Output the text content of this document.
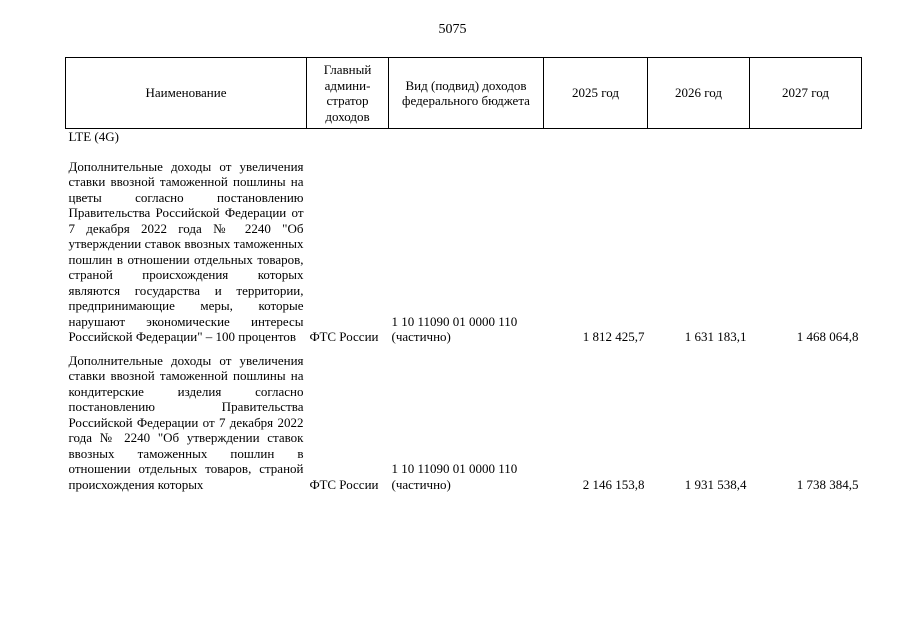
5075
Наименование	Главный админи-стратор доходов	Вид (подвид) доходов федерального бюджета	2025 год	2026 год	2027 год
LTE (4G)					
Дополнительные доходы от увеличения ставки ввозной таможенной пошлины на цветы согласно постановлению Правительства Российской Федерации от 7 декабря 2022 года № 2240 "Об утверждении ставок ввозных таможенных пошлин в отношении отдельных товаров, страной происхождения которых являются государства и территории, предпринимающие меры, которые нарушают экономические интересы Российской Федерации" – 100 процентов	ФТС России	1 10 11090 01 0000 110 (частично)	1 812 425,7	1 631 183,1	1 468 064,8
Дополнительные доходы от увеличения ставки ввозной таможенной пошлины на кондитерские изделия согласно постановлению Правительства Российской Федерации от 7 декабря 2022 года № 2240 "Об утверждении ставок ввозных таможенных пошлин в отношении отдельных товаров, страной происхождения которых	ФТС России	1 10 11090 01 0000 110 (частично)	2 146 153,8	1 931 538,4	1 738 384,5
